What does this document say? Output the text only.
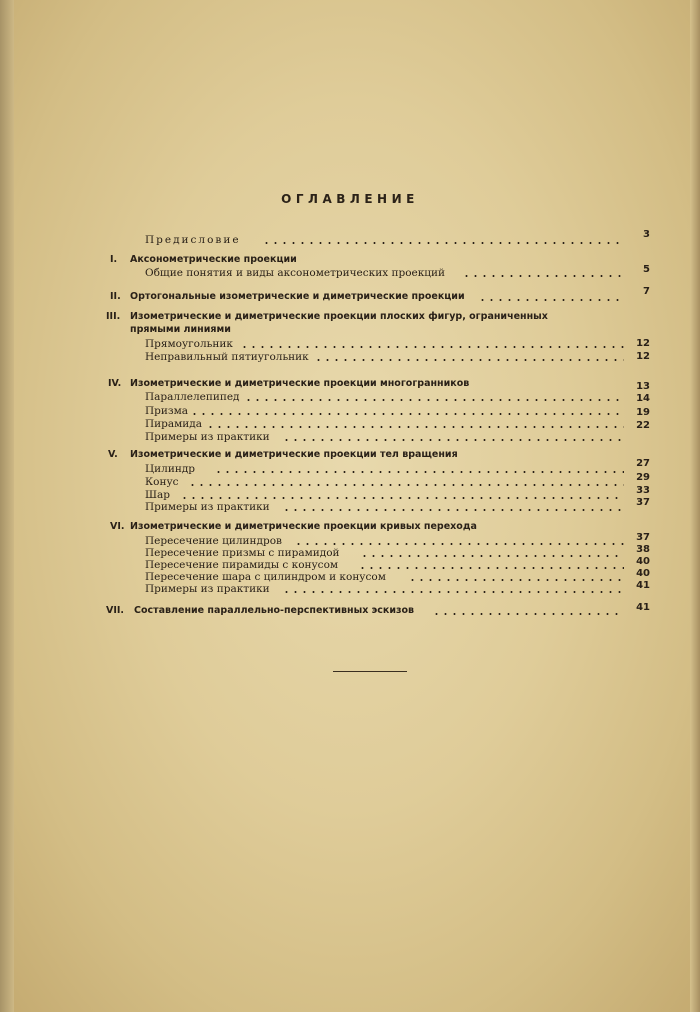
ОГЛАВЛЕНИЕ
Предисловие	3
I. Аксонометрические проекции
Общие понятия и виды аксонометрических проекций	5
II. Ортогональные изометрические и диметрические проекции	7
III. Изометрические и диметрические проекции плоских фигур, ограниченных
прямыми линиями
Прямоугольник	12
Неправильный пятиугольник	12
IV. Изометрические и диметрические проекции многогранников	13
Параллелепипед	14
Призма	19
Пирамида	22
Примеры из практики
V. Изометрические и диметрические проекции тел вращения
Цилиндр	27
Конус	29
Шар	33
Примеры из практики	37
VI. Изометрические и диметрические проекции кривых перехода
Пересечение цилиндров	37
Пересечение призмы с пирамидой	38
Пересечение пирамиды с конусом	40
Пересечение шара с цилиндром и конусом	40
Примеры из практики	41
VII. Составление параллельно-перспективных эскизов	41
